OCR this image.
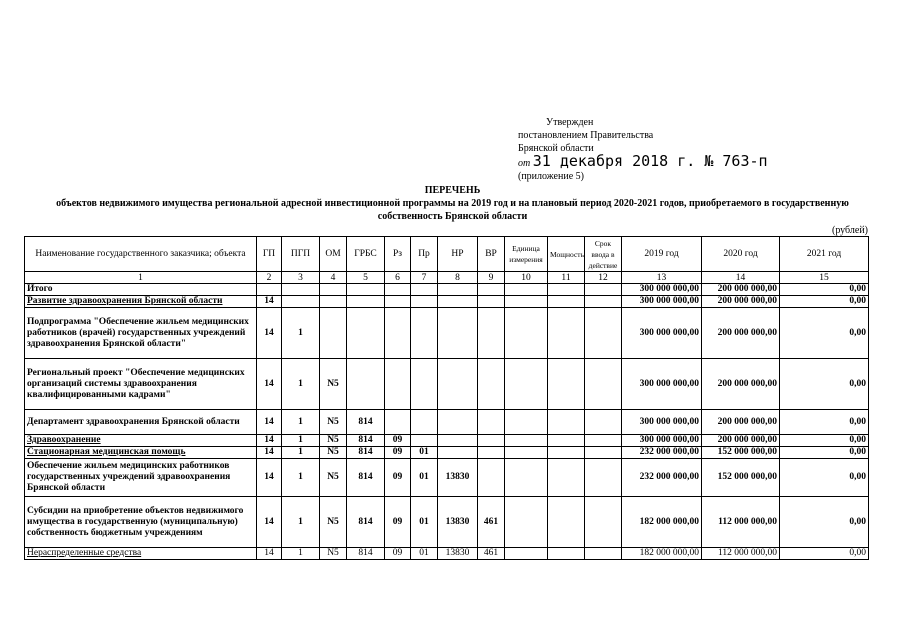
Утвержден
постановлением Правительства
Брянской области
от 31 декабря 2018 г. № 763-п
(приложение 5)
ПЕРЕЧЕНЬ
объектов недвижимого имущества региональной адресной инвестиционной программы на 2019 год и на плановый период 2020-2021 годов, приобретаемого в государственную
собственность Брянской области
(рублей)
Наименование государственного заказчика; объекта	ГП	ПГП	ОМ	ГРБС	Рз	Пр	НР	ВР	Единица измерения	Мощность	Срок ввода в действие	2019 год	2020 год	2021 год
1	2	3	4	5	6	7	8	9	10	11	12	13	14	15
Итого												300 000 000,00	200 000 000,00	0,00
Развитие здравоохранения Брянской области	14											300 000 000,00	200 000 000,00	0,00
Подпрограмма "Обеспечение жильем медицинских работников (врачей) государственных учреждений здравоохранения Брянской области"	14	1										300 000 000,00	200 000 000,00	0,00
Региональный проект "Обеспечение медицинских организаций системы здравоохранения квалифицированными кадрами"	14	1	N5									300 000 000,00	200 000 000,00	0,00
Департамент здравоохранения Брянской области	14	1	N5	814								300 000 000,00	200 000 000,00	0,00
Здравоохранение	14	1	N5	814	09							300 000 000,00	200 000 000,00	0,00
Стационарная медицинская помощь	14	1	N5	814	09	01						232 000 000,00	152 000 000,00	0,00
Обеспечение жильем медицинских работников государственных учреждений здравоохранения Брянской области	14	1	N5	814	09	01	13830					232 000 000,00	152 000 000,00	0,00
Субсидии на приобретение объектов недвижимого имущества в государственную (муниципальную) собственность бюджетным учреждениям	14	1	N5	814	09	01	13830	461				182 000 000,00	112 000 000,00	0,00
Нераспределенные средства	14	1	N5	814	09	01	13830	461				182 000 000,00	112 000 000,00	0,00
